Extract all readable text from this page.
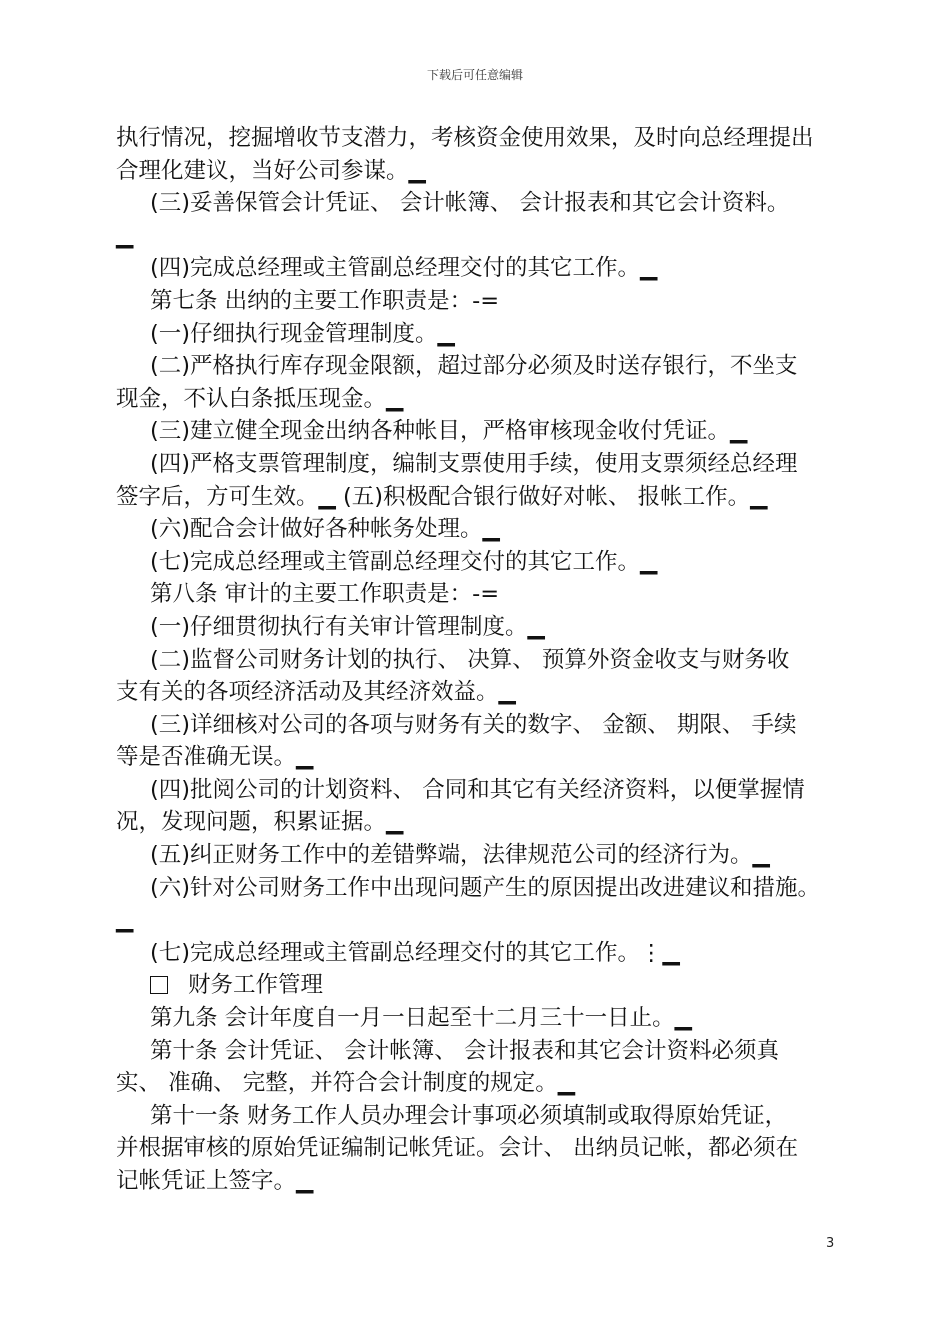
下载后可任意编辑
执行情况，挖掘增收节支潜力，考核资金使用效果，及时向总经理提出
合理化建议，当好公司参谋。▁
(三)妥善保管会计凭证、 会计帐簿、 会计报表和其它会计资料。
▁
(四)完成总经理或主管副总经理交付的其它工作。▁
第七条 出纳的主要工作职责是：-=
(一)仔细执行现金管理制度。▁
(二)严格执行库存现金限额，超过部分必须及时送存银行，不坐支
现金，不认白条抵压现金。▁
(三)建立健全现金出纳各种帐目，严格审核现金收付凭证。▁
(四)严格支票管理制度，编制支票使用手续，使用支票须经总经理
签字后，方可生效。▁ (五)积极配合银行做好对帐、 报帐工作。▁
(六)配合会计做好各种帐务处理。▁
(七)完成总经理或主管副总经理交付的其它工作。▁
第八条 审计的主要工作职责是：-=
(一)仔细贯彻执行有关审计管理制度。▁
(二)监督公司财务计划的执行、 决算、 预算外资金收支与财务收
支有关的各项经济活动及其经济效益。▁
(三)详细核对公司的各项与财务有关的数字、 金额、 期限、 手续
等是否准确无误。▁
(四)批阅公司的计划资料、 合同和其它有关经济资料，以便掌握情
况，发现问题，积累证据。▁
(五)纠正财务工作中的差错弊端，法律规范公司的经济行为。▁
(六)针对公司财务工作中出现问题产生的原因提出改进建议和措施。
▁
(七)完成总经理或主管副总经理交付的其它工作。⋮▁
财务工作管理
第九条 会计年度自一月一日起至十二月三十一日止。▁
第十条 会计凭证、 会计帐簿、 会计报表和其它会计资料必须真
实、 准确、 完整，并符合会计制度的规定。▁
第十一条 财务工作人员办理会计事项必须填制或取得原始凭证，
并根据审核的原始凭证编制记帐凭证。会计、 出纳员记帐，都必须在
记帐凭证上签字。▁
3
